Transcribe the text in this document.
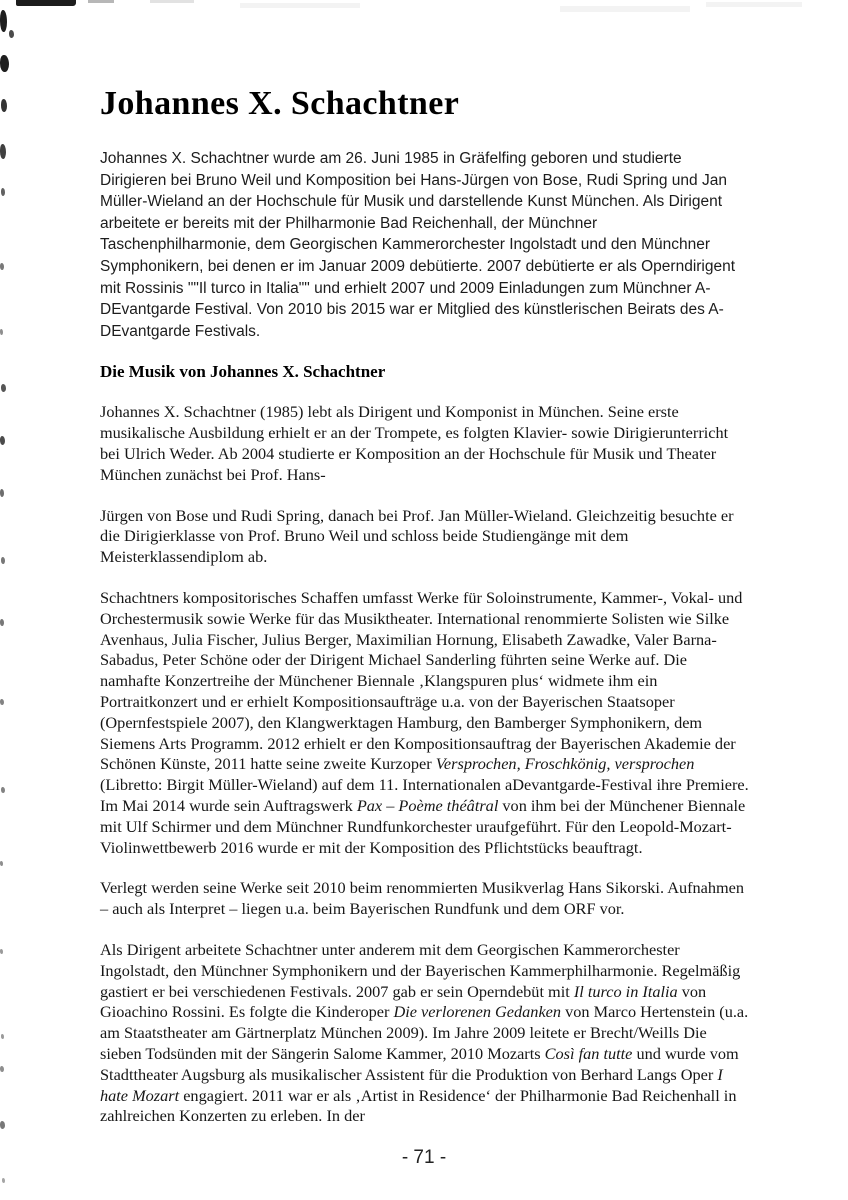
Johannes X. Schachtner

Johannes X. Schachtner wurde am 26. Juni 1985 in Gräfelfing geboren und studierte Dirigieren bei Bruno Weil und Komposition bei Hans-Jürgen von Bose, Rudi Spring und Jan Müller-Wieland an der Hochschule für Musik und darstellende Kunst München. Als Dirigent arbeitete er bereits mit der Philharmonie Bad Reichenhall, der Münchner Taschenphilharmonie, dem Georgischen Kammerorchester Ingolstadt und den Münchner Symphonikern, bei denen er im Januar 2009 debütierte. 2007 debütierte er als Operndirigent mit Rossinis ""Il turco in Italia"" und erhielt 2007 und 2009 Einladungen zum Münchner A-DEvantgarde Festival. Von 2010 bis 2015 war er Mitglied des künstlerischen Beirats des A-DEvantgarde Festivals.

Die Musik von Johannes X. Schachtner

Johannes X. Schachtner (1985) lebt als Dirigent und Komponist in München. Seine erste musikalische Ausbildung erhielt er an der Trompete, es folgten Klavier- sowie Dirigierunterricht bei Ulrich Weder. Ab 2004 studierte er Komposition an der Hochschule für Musik und Theater München zunächst bei Prof. Hans-

Jürgen von Bose und Rudi Spring, danach bei Prof. Jan Müller-Wieland. Gleichzeitig besuchte er die Dirigierklasse von Prof. Bruno Weil und schloss beide Studiengänge mit dem Meisterklassendiplom ab.

Schachtners kompositorisches Schaffen umfasst Werke für Soloinstrumente, Kammer-, Vokal- und Orchestermusik sowie Werke für das Musiktheater. International renommierte Solisten wie Silke Avenhaus, Julia Fischer, Julius Berger, Maximilian Hornung, Elisabeth Zawadke, Valer Barna-Sabadus, Peter Schöne oder der Dirigent Michael Sanderling führten seine Werke auf. Die namhafte Konzertreihe der Münchener Biennale ‚Klangspuren plus‘ widmete ihm ein Portraitkonzert und er erhielt Kompositionsaufträge u.a. von der Bayerischen Staatsoper (Opernfestspiele 2007), den Klangwerktagen Hamburg, den Bamberger Symphonikern, dem Siemens Arts Programm. 2012 erhielt er den Kompositionsauftrag der Bayerischen Akademie der Schönen Künste, 2011 hatte seine zweite Kurzoper Versprochen, Froschkönig, versprochen (Libretto: Birgit Müller-Wieland) auf dem 11. Internationalen aDevantgarde-Festival ihre Premiere. Im Mai 2014 wurde sein Auftragswerk Pax – Poème théâtral von ihm bei der Münchener Biennale mit Ulf Schirmer und dem Münchner Rundfunkorchester uraufgeführt. Für den Leopold-Mozart-Violinwettbewerb 2016 wurde er mit der Komposition des Pflichtstücks beauftragt.

Verlegt werden seine Werke seit 2010 beim renommierten Musikverlag Hans Sikorski. Aufnahmen – auch als Interpret – liegen u.a. beim Bayerischen Rundfunk und dem ORF vor.

Als Dirigent arbeitete Schachtner unter anderem mit dem Georgischen Kammerorchester Ingolstadt, den Münchner Symphonikern und der Bayerischen Kammerphilharmonie. Regelmäßig gastiert er bei verschiedenen Festivals. 2007 gab er sein Operndebüt mit Il turco in Italia von Gioachino Rossini. Es folgte die Kinderoper Die verlorenen Gedanken von Marco Hertenstein (u.a. am Staatstheater am Gärtnerplatz München 2009). Im Jahre 2009 leitete er Brecht/Weills Die sieben Todsünden mit der Sängerin Salome Kammer, 2010 Mozarts Così fan tutte und wurde vom Stadttheater Augsburg als musikalischer Assistent für die Produktion von Berhard Langs Oper I hate Mozart engagiert. 2011 war er als ‚Artist in Residence‘ der Philharmonie Bad Reichenhall in zahlreichen Konzerten zu erleben. In der

- 71 -
